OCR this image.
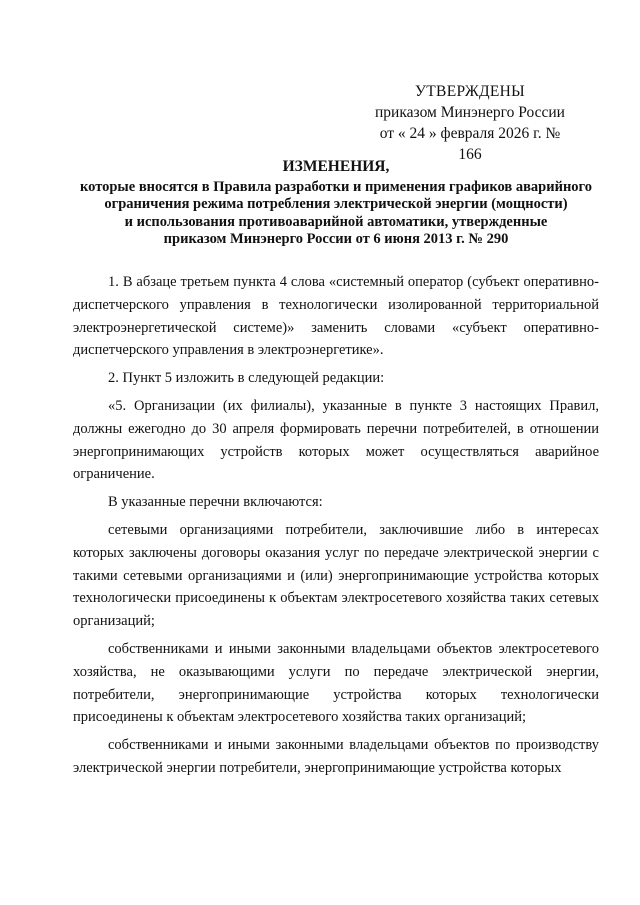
УТВЕРЖДЕНЫ
приказом Минэнерго России
от « 24 » февраля 2026 г. № 166
ИЗМЕНЕНИЯ,
которые вносятся в Правила разработки и применения графиков аварийного
ограничения режима потребления электрической энергии (мощности)
и использования противоаварийной автоматики, утвержденные
приказом Минэнерго России от 6 июня 2013 г. № 290

1. В абзаце третьем пункта 4 слова «системный оператор (субъект оперативно-диспетчерского управления в технологически изолированной территориальной электроэнергетической системе)» заменить словами «субъект оперативно-диспетчерского управления в электроэнергетике».

2. Пункт 5 изложить в следующей редакции:

«5. Организации (их филиалы), указанные в пункте 3 настоящих Правил, должны ежегодно до 30 апреля формировать перечни потребителей, в отношении энергопринимающих устройств которых может осуществляться аварийное ограничение.

В указанные перечни включаются:

сетевыми организациями потребители, заключившие либо в интересах которых заключены договоры оказания услуг по передаче электрической энергии с такими сетевыми организациями и (или) энергопринимающие устройства которых технологически присоединены к объектам электросетевого хозяйства таких сетевых организаций;

собственниками и иными законными владельцами объектов электросетевого хозяйства, не оказывающими услуги по передаче электрической энергии, потребители, энергопринимающие устройства которых технологически присоединены к объектам электросетевого хозяйства таких организаций;

собственниками и иными законными владельцами объектов по производству электрической энергии потребители, энергопринимающие устройства которых
